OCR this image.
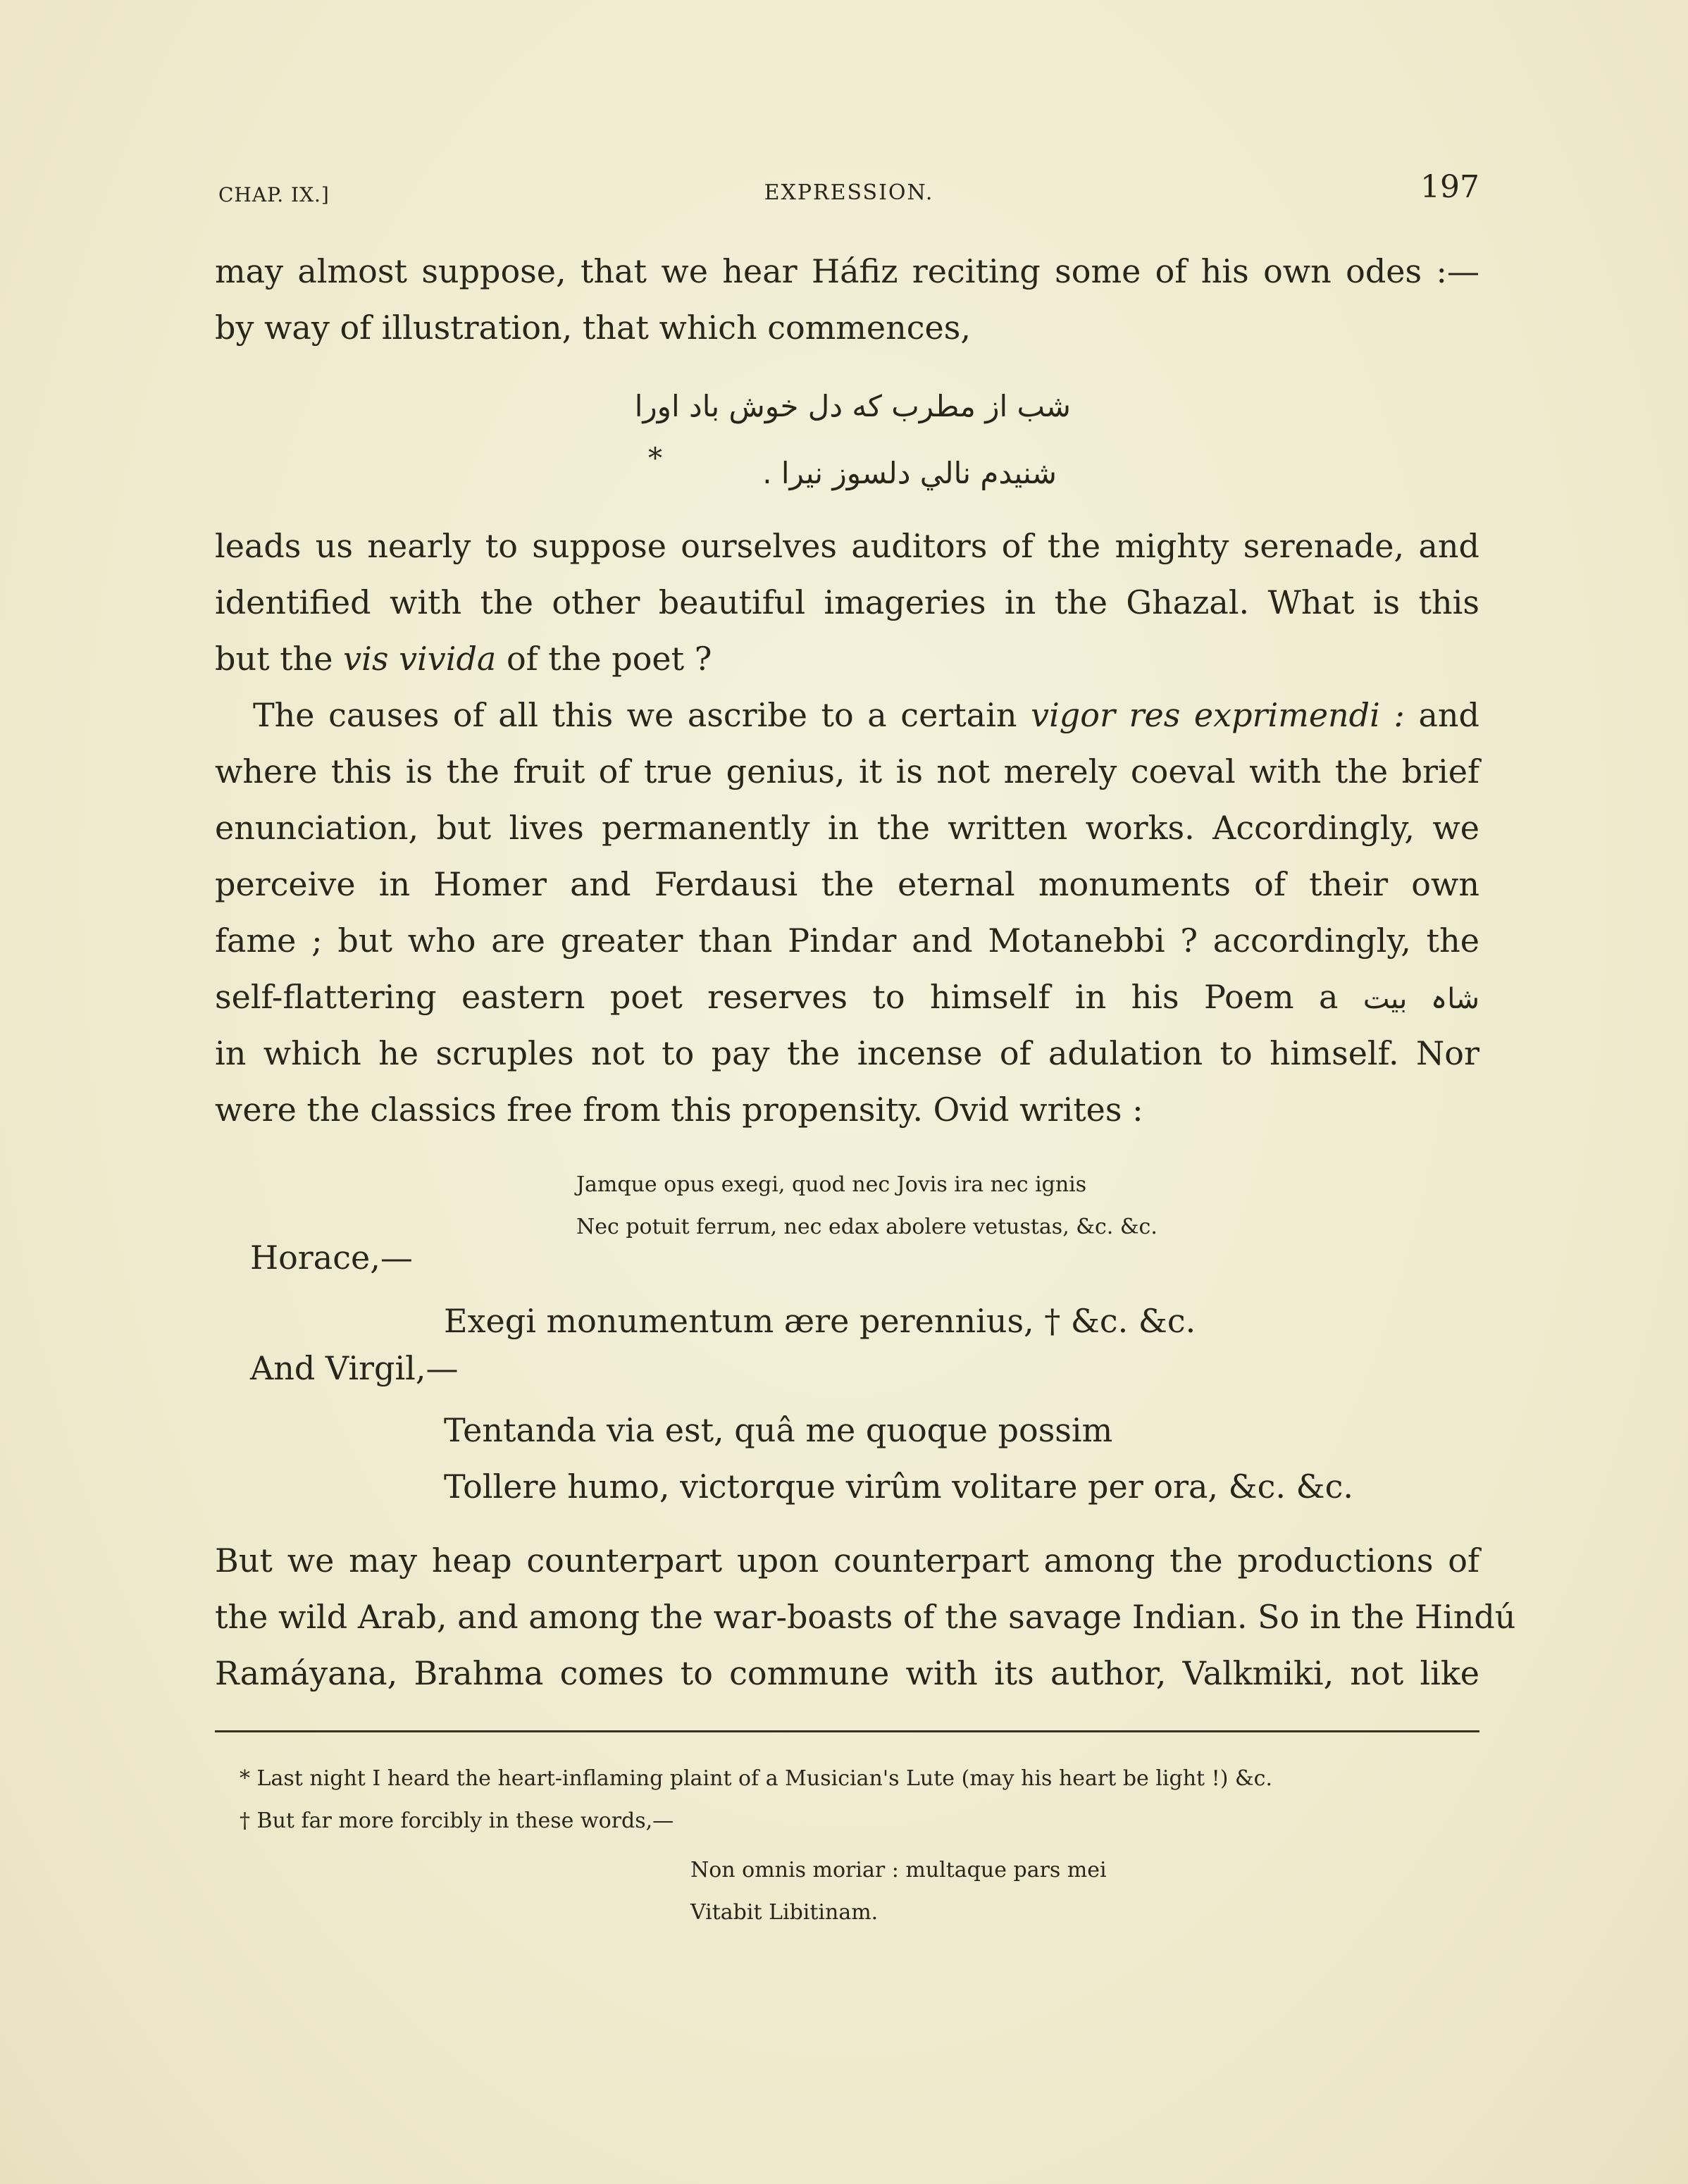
CHAP. IX.]	EXPRESSION.	197
may almost suppose, that we hear Háfiz reciting some of his own odes :—
by way of illustration, that which commences,
شب از مطرب که دل خوش باد اورا
شنیدم نالي دلسوز نیرا .
*
leads us nearly to suppose ourselves auditors of the mighty serenade, and
identified with the other beautiful imageries in the Ghazal. What is this
but the vis vivida of the poet ?
The causes of all this we ascribe to a certain vigor res exprimendi : and
where this is the fruit of true genius, it is not merely coeval with the brief
enunciation, but lives permanently in the written works. Accordingly, we
perceive in Homer and Ferdausi the eternal monuments of their own
fame ; but who are greater than Pindar and Motanebbi ? accordingly, the
self-flattering eastern poet reserves to himself in his Poem a شاہ بیت
in which he scruples not to pay the incense of adulation to himself. Nor
were the classics free from this propensity. Ovid writes :
Jamque opus exegi, quod nec Jovis ira nec ignis
Nec potuit ferrum, nec edax abolere vetustas, &c. &c.
Horace,—
Exegi monumentum ære perennius, † &c. &c.
And Virgil,—
Tentanda via est, quâ me quoque possim
Tollere humo, victorque virûm volitare per ora, &c. &c.
But we may heap counterpart upon counterpart among the productions of
the wild Arab, and among the war-boasts of the savage Indian. So in the Hindú
Ramáyana, Brahma comes to commune with its author, Valkmiki, not like
* Last night I heard the heart-inflaming plaint of a Musician's Lute (may his heart be light !) &c.
† But far more forcibly in these words,—
Non omnis moriar : multaque pars mei
Vitabit Libitinam.
